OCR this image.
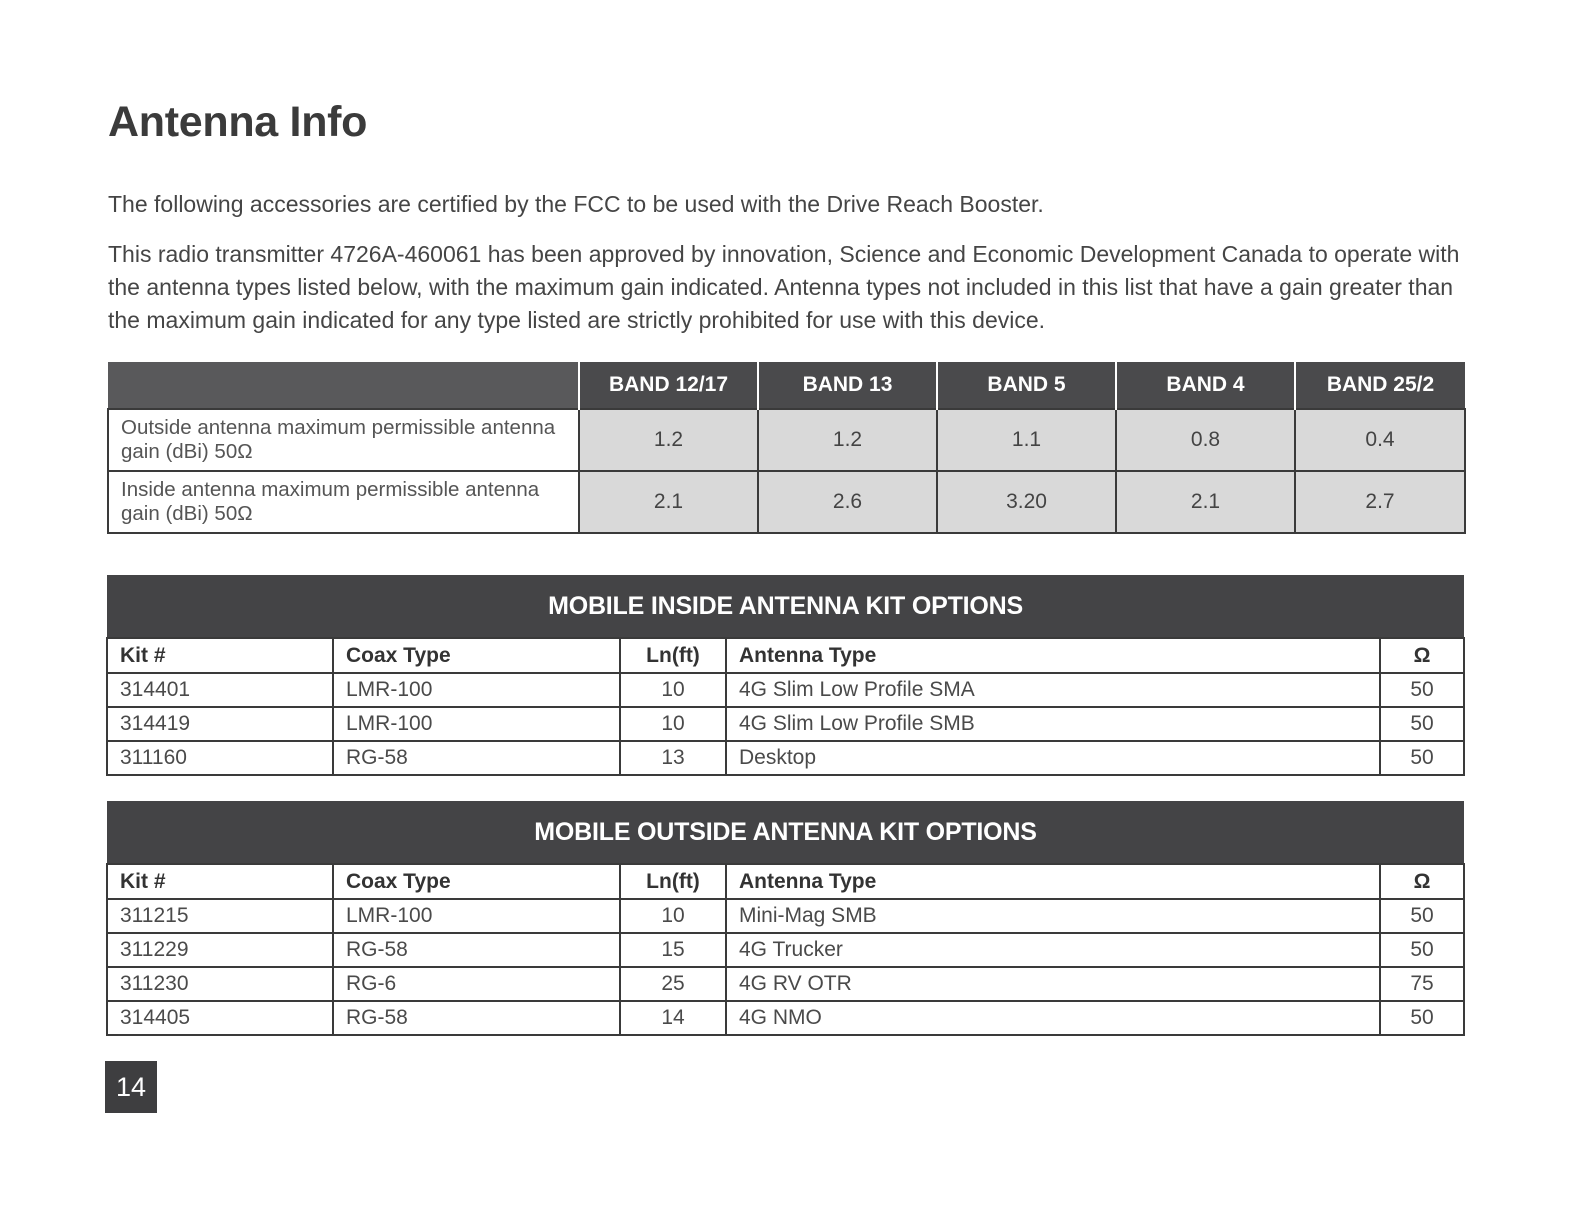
Antenna Info

The following accessories are certified by the FCC to be used with the Drive Reach Booster.

This radio transmitter 4726A-460061 has been approved by innovation, Science and Economic Development Canada to operate with the antenna types listed below, with the maximum gain indicated. Antenna types not included in this list that have a gain greater than the maximum gain indicated for any type listed are strictly prohibited for use with this device.

	BAND 12/17	BAND 13	BAND 5	BAND 4	BAND 25/2
Outside antenna maximum permissible antenna gain (dBi) 50Ω	1.2	1.2	1.1	0.8	0.4
Inside antenna maximum permissible antenna gain (dBi) 50Ω	2.1	2.6	3.20	2.1	2.7
MOBILE INSIDE ANTENNA KIT OPTIONS				
Kit #	Coax Type	Ln(ft)	Antenna Type	Ω
314401	LMR-100	10	4G Slim Low Profile SMA	50
314419	LMR-100	10	4G Slim Low Profile SMB	50
311160	RG-58	13	Desktop	50
MOBILE OUTSIDE ANTENNA KIT OPTIONS				
Kit #	Coax Type	Ln(ft)	Antenna Type	Ω
311215	LMR-100	10	Mini-Mag SMB	50
311229	RG-58	15	4G Trucker	50
311230	RG-6	25	4G RV OTR	75
314405	RG-58	14	4G NMO	50
14
